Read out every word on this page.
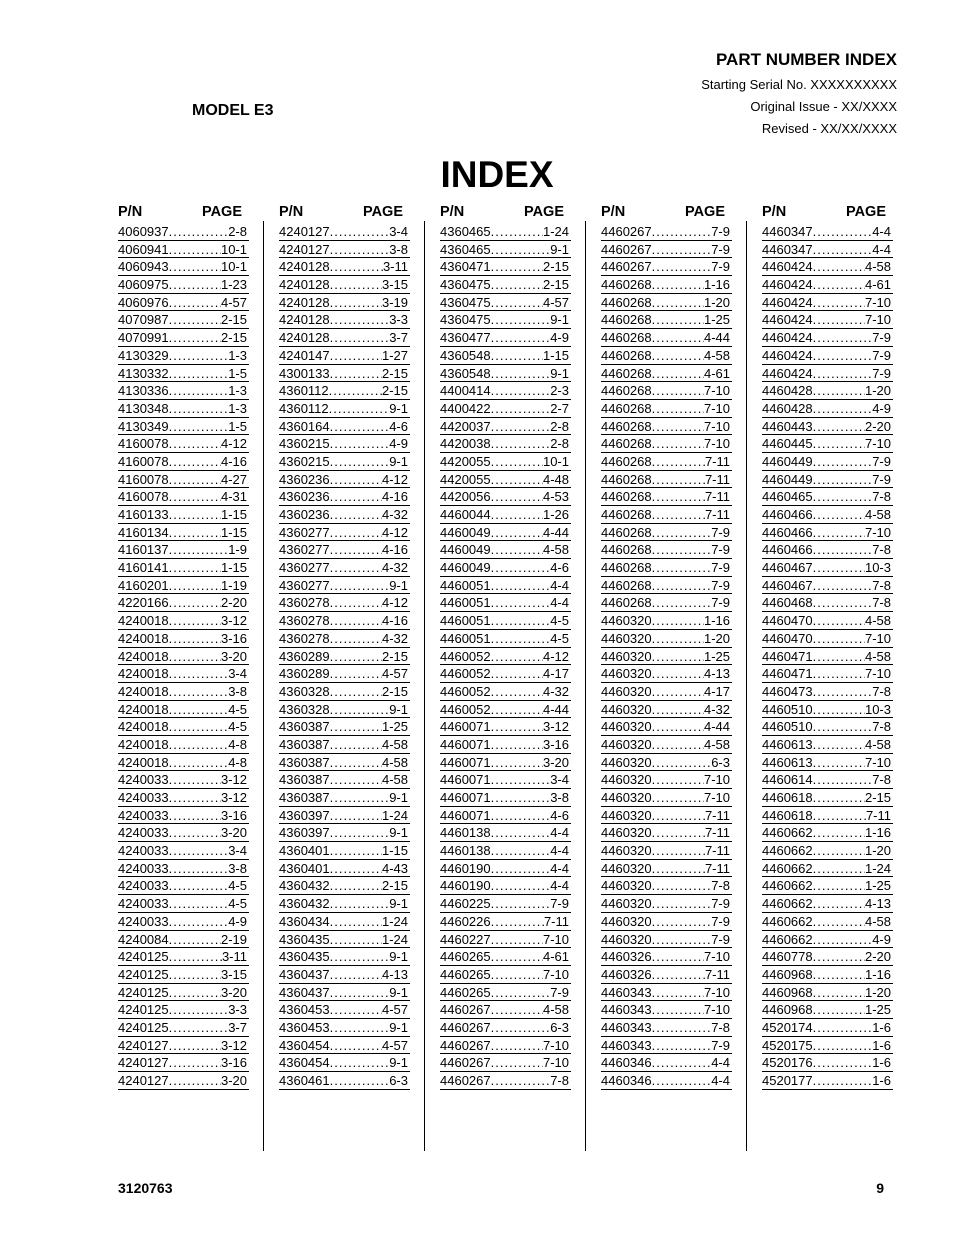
PART NUMBER INDEX
Starting Serial No. XXXXXXXXXX
Original Issue - XX/XXXX
Revised - XX/XX/XXXX
MODEL E3
INDEX
P/N	PAGE
4060937 .....	2-8
4060941 .....	10-1
4060943 .....	10-1
4060975 .....	1-23
4060976 .....	4-57
4070987 .....	2-15
4070991 .....	2-15
4130329 .....	1-3
4130332 .....	1-5
4130336 .....	1-3
4130348 .....	1-3
4130349 .....	1-5
4160078 .....	4-12
4160078 .....	4-16
4160078 .....	4-27
4160078 .....	4-31
4160133 .....	1-15
4160134 .....	1-15
4160137 .....	1-9
4160141 .....	1-15
4160201 .....	1-19
4220166 .....	2-20
4240018 .....	3-12
4240018 .....	3-16
4240018 .....	3-20
4240018 .....	3-4
4240018 .....	3-8
4240018 .....	4-5
4240018 .....	4-5
4240018 .....	4-8
4240018 .....	4-8
4240033 .....	3-12
4240033 .....	3-12
4240033 .....	3-16
4240033 .....	3-20
4240033 .....	3-4
4240033 .....	3-8
4240033 .....	4-5
4240033 .....	4-5
4240033 .....	4-9
4240084 .....	2-19
4240125 .....	3-11
4240125 .....	3-15
4240125 .....	3-20
4240125 .....	3-3
4240125 .....	3-7
4240127 .....	3-12
4240127 .....	3-16
4240127 .....	3-20
P/N	PAGE
4240127 .....	3-4
4240127 .....	3-8
4240128 .....	3-11
4240128 .....	3-15
4240128 .....	3-19
4240128 .....	3-3
4240128 .....	3-7
4240147 .....	1-27
4300133 .....	2-15
4360112 .....	2-15
4360112 .....	9-1
4360164 .....	4-6
4360215 .....	4-9
4360215 .....	9-1
4360236 .....	4-12
4360236 .....	4-16
4360236 .....	4-32
4360277 .....	4-12
4360277 .....	4-16
4360277 .....	4-32
4360277 .....	9-1
4360278 .....	4-12
4360278 .....	4-16
4360278 .....	4-32
4360289 .....	2-15
4360289 .....	4-57
4360328 .....	2-15
4360328 .....	9-1
4360387 .....	1-25
4360387 .....	4-58
4360387 .....	4-58
4360387 .....	4-58
4360387 .....	9-1
4360397 .....	1-24
4360397 .....	9-1
4360401 .....	1-15
4360401 .....	4-43
4360432 .....	2-15
4360432 .....	9-1
4360434 .....	1-24
4360435 .....	1-24
4360435 .....	9-1
4360437 .....	4-13
4360437 .....	9-1
4360453 .....	4-57
4360453 .....	9-1
4360454 .....	4-57
4360454 .....	9-1
4360461 .....	6-3
P/N	PAGE
4360465 .....	1-24
4360465 .....	9-1
4360471 .....	2-15
4360475 .....	2-15
4360475 .....	4-57
4360475 .....	9-1
4360477 .....	4-9
4360548 .....	1-15
4360548 .....	9-1
4400414 .....	2-3
4400422 .....	2-7
4420037 .....	2-8
4420038 .....	2-8
4420055 .....	10-1
4420055 .....	4-48
4420056 .....	4-53
4460044 .....	1-26
4460049 .....	4-44
4460049 .....	4-58
4460049 .....	4-6
4460051 .....	4-4
4460051 .....	4-4
4460051 .....	4-5
4460051 .....	4-5
4460052 .....	4-12
4460052 .....	4-17
4460052 .....	4-32
4460052 .....	4-44
4460071 .....	3-12
4460071 .....	3-16
4460071 .....	3-20
4460071 .....	3-4
4460071 .....	3-8
4460071 .....	4-6
4460138 .....	4-4
4460138 .....	4-4
4460190 .....	4-4
4460190 .....	4-4
4460225 .....	7-9
4460226 .....	7-11
4460227 .....	7-10
4460265 .....	4-61
4460265 .....	7-10
4460265 .....	7-9
4460267 .....	4-58
4460267 .....	6-3
4460267 .....	7-10
4460267 .....	7-10
4460267 .....	7-8
P/N	PAGE
4460267 .....	7-9
4460267 .....	7-9
4460267 .....	7-9
4460268 .....	1-16
4460268 .....	1-20
4460268 .....	1-25
4460268 .....	4-44
4460268 .....	4-58
4460268 .....	4-61
4460268 .....	7-10
4460268 .....	7-10
4460268 .....	7-10
4460268 .....	7-10
4460268 .....	7-11
4460268 .....	7-11
4460268 .....	7-11
4460268 .....	7-11
4460268 .....	7-9
4460268 .....	7-9
4460268 .....	7-9
4460268 .....	7-9
4460268 .....	7-9
4460320 .....	1-16
4460320 .....	1-20
4460320 .....	1-25
4460320 .....	4-13
4460320 .....	4-17
4460320 .....	4-32
4460320 .....	4-44
4460320 .....	4-58
4460320 .....	6-3
4460320 .....	7-10
4460320 .....	7-10
4460320 .....	7-11
4460320 .....	7-11
4460320 .....	7-11
4460320 .....	7-11
4460320 .....	7-8
4460320 .....	7-9
4460320 .....	7-9
4460320 .....	7-9
4460326 .....	7-10
4460326 .....	7-11
4460343 .....	7-10
4460343 .....	7-10
4460343 .....	7-8
4460343 .....	7-9
4460346 .....	4-4
4460346 .....	4-4
P/N	PAGE
4460347 .....	4-4
4460347 .....	4-4
4460424 .....	4-58
4460424 .....	4-61
4460424 .....	7-10
4460424 .....	7-10
4460424 .....	7-9
4460424 .....	7-9
4460424 .....	7-9
4460428 .....	1-20
4460428 .....	4-9
4460443 .....	2-20
4460445 .....	7-10
4460449 .....	7-9
4460449 .....	7-9
4460465 .....	7-8
4460466 .....	4-58
4460466 .....	7-10
4460466 .....	7-8
4460467 .....	10-3
4460467 .....	7-8
4460468 .....	7-8
4460470 .....	4-58
4460470 .....	7-10
4460471 .....	4-58
4460471 .....	7-10
4460473 .....	7-8
4460510 .....	10-3
4460510 .....	7-8
4460613 .....	4-58
4460613 .....	7-10
4460614 .....	7-8
4460618 .....	2-15
4460618 .....	7-11
4460662 .....	1-16
4460662 .....	1-20
4460662 .....	1-24
4460662 .....	1-25
4460662 .....	4-13
4460662 .....	4-58
4460662 .....	4-9
4460778 .....	2-20
4460968 .....	1-16
4460968 .....	1-20
4460968 .....	1-25
4520174 .....	1-6
4520175 .....	1-6
4520176 .....	1-6
4520177 .....	1-6
3120763	9
